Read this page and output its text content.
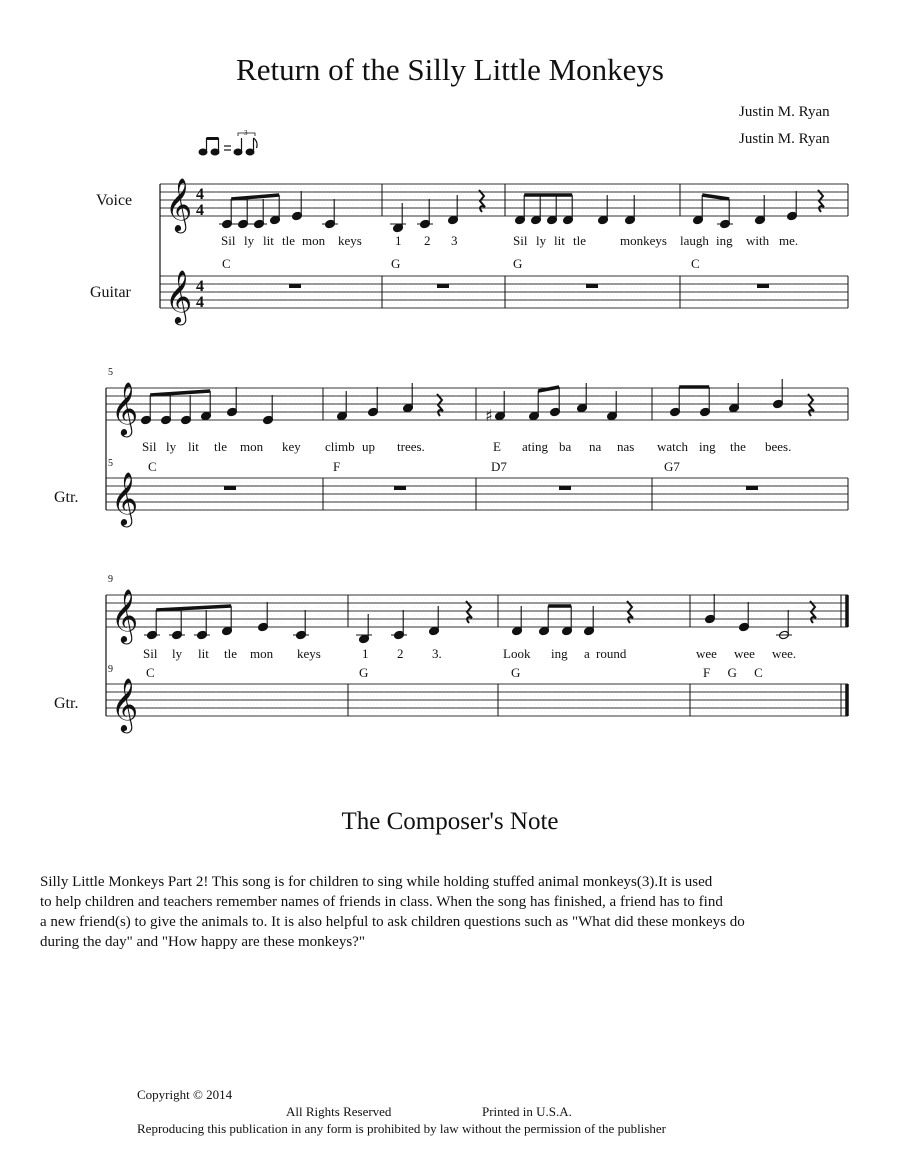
Return of the Silly Little Monkeys
Justin M. Ryan
Justin M. Ryan
3
Voice
Guitar
Gtr.
Gtr.
5
5
9
9
C	G	G	C
C	F	D7	G7
C	G	G	F G C
Sil ly lit tle mon keys	1 2 3	Sil ly lit tle	monkeys laugh ing with me.
Sil ly lit tle mon key climb up trees.	E ating ba na nas watch ing the bees.
Sil ly lit tle mon keys	1 2 3.	Look ing a round	wee wee wee.
𝄞
𝄞
4
4
4
4
𝄞
𝄞
♯
𝄞
𝄞
The Composer's Note

Silly Little Monkeys Part 2! This song is for children to sing while holding stuffed animal monkeys(3).It is used
to help children and teachers remember names of friends in class. When the song has finished, a friend has to find
a new friend(s) to give the animals to. It is also helpful to ask children questions such as "What did these monkeys do
during the day" and "How happy are these monkeys?"

Copyright © 2014
All Rights Reserved	Printed in U.S.A.
Reproducing this publication in any form is prohibited by law without the permission of the publisher
